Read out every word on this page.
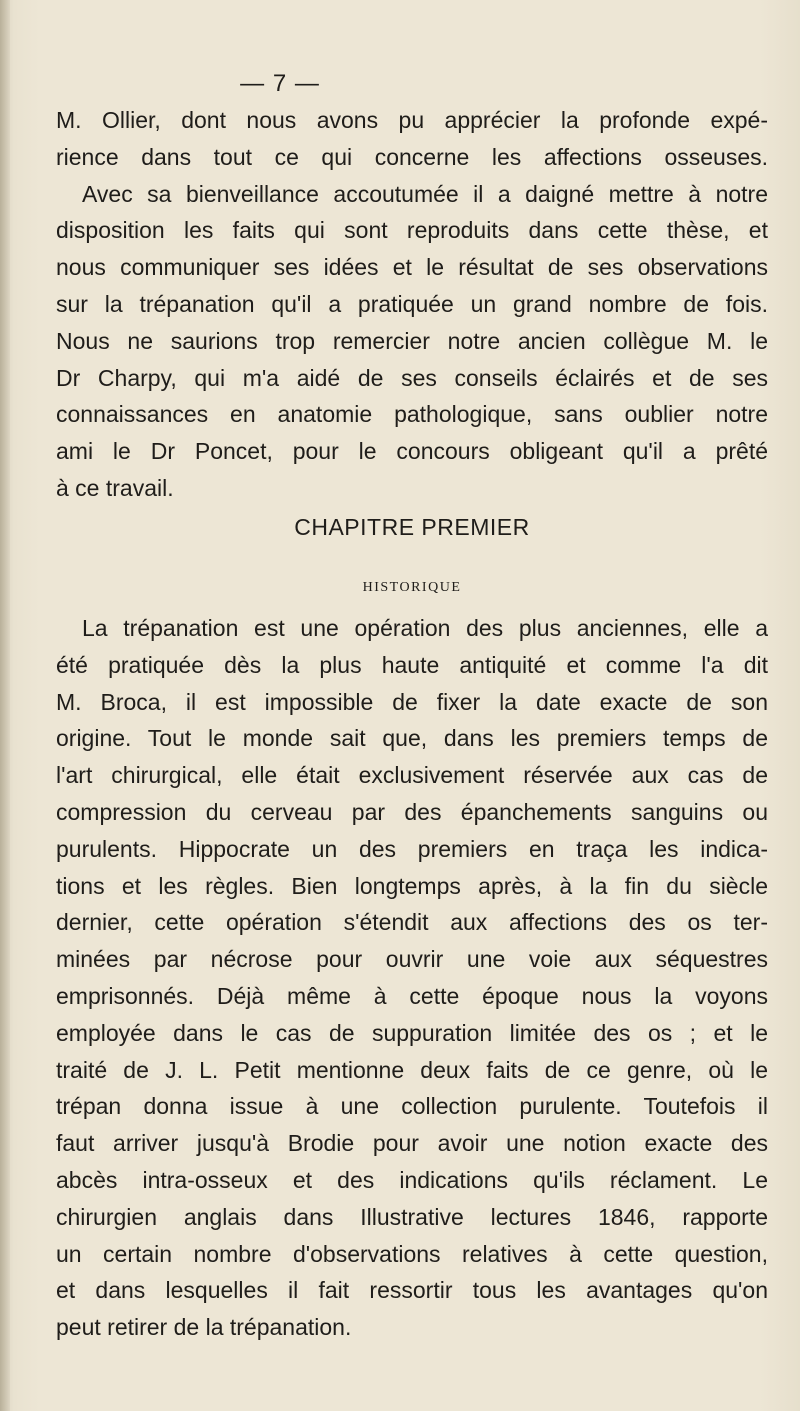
— 7 —
M. Ollier, dont nous avons pu apprécier la profonde expé-
rience dans tout ce qui concerne les affections osseuses.
Avec sa bienveillance accoutumée il a daigné mettre à notre
disposition les faits qui sont reproduits dans cette thèse, et
nous communiquer ses idées et le résultat de ses observations
sur la trépanation qu'il a pratiquée un grand nombre de fois.
Nous ne saurions trop remercier notre ancien collègue M. le
Dr Charpy, qui m'a aidé de ses conseils éclairés et de ses
connaissances en anatomie pathologique, sans oublier notre
ami le Dr Poncet, pour le concours obligeant qu'il a prêté
à ce travail.
CHAPITRE PREMIER
HISTORIQUE
La trépanation est une opération des plus anciennes, elle a
été pratiquée dès la plus haute antiquité et comme l'a dit
M. Broca, il est impossible de fixer la date exacte de son
origine. Tout le monde sait que, dans les premiers temps de
l'art chirurgical, elle était exclusivement réservée aux cas de
compression du cerveau par des épanchements sanguins ou
purulents. Hippocrate un des premiers en traça les indica-
tions et les règles. Bien longtemps après, à la fin du siècle
dernier, cette opération s'étendit aux affections des os ter-
minées par nécrose pour ouvrir une voie aux séquestres
emprisonnés. Déjà même à cette époque nous la voyons
employée dans le cas de suppuration limitée des os ; et le
traité de J. L. Petit mentionne deux faits de ce genre, où le
trépan donna issue à une collection purulente. Toutefois il
faut arriver jusqu'à Brodie pour avoir une notion exacte des
abcès intra-osseux et des indications qu'ils réclament. Le
chirurgien anglais dans Illustrative lectures 1846, rapporte
un certain nombre d'observations relatives à cette question,
et dans lesquelles il fait ressortir tous les avantages qu'on
peut retirer de la trépanation.
